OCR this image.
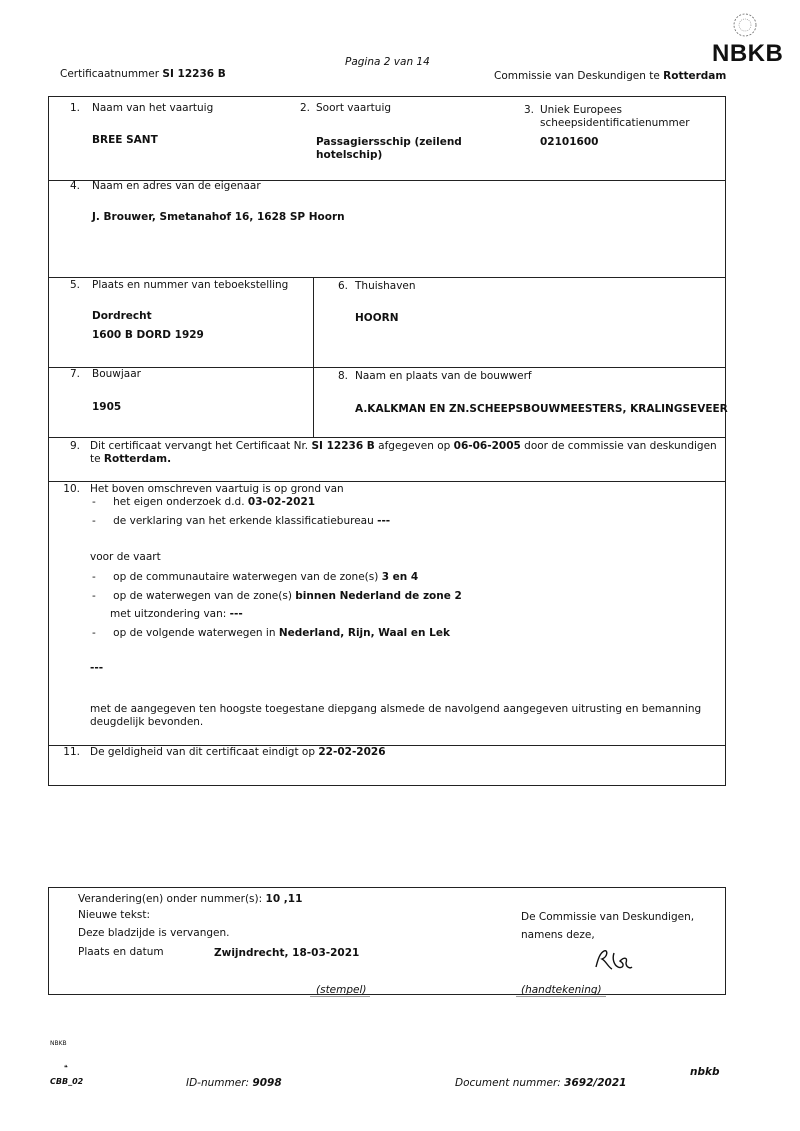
Pagina 2 van 14
Certificaatnummer SI 12236 B
NBKB
Commissie van Deskundigen te Rotterdam
1. Naam van het vaartuig
BREE SANT
2. Soort vaartuig
Passagiersschip (zeilend
hotelschip)
3. Uniek Europees
scheepsidentificatienummer
02101600
4. Naam en adres van de eigenaar
J. Brouwer, Smetanahof 16, 1628 SP Hoorn
5. Plaats en nummer van teboekstelling
Dordrecht
1600 B DORD 1929
6. Thuishaven
HOORN
7. Bouwjaar
1905
8. Naam en plaats van de bouwwerf
A.KALKMAN EN ZN.SCHEEPSBOUWMEESTERS, KRALINGSEVEER
9. Dit certificaat vervangt het Certificaat Nr. SI 12236 B afgegeven op 06-06-2005 door de commissie van deskundigen
te Rotterdam.
10. Het boven omschreven vaartuig is op grond van
- het eigen onderzoek d.d. 03-02-2021
- de verklaring van het erkende klassificatiebureau ---
voor de vaart
- op de communautaire waterwegen van de zone(s) 3 en 4
- op de waterwegen van de zone(s) binnen Nederland de zone 2
met uitzondering van: ---
- op de volgende waterwegen in Nederland, Rijn, Waal en Lek
---
met de aangegeven ten hoogste toegestane diepgang alsmede de navolgend aangegeven uitrusting en bemanning
deugdelijk bevonden.
11. De geldigheid van dit certificaat eindigt op 22-02-2026
Verandering(en) onder nummer(s): 10 ,11
Nieuwe tekst:
Deze bladzijde is vervangen.
Plaats en datum	Zwijndrecht, 18-03-2021
De Commissie van Deskundigen,
namens deze,
(stempel)	(handtekening)
NBKB
❝
CBB_02	ID-nummer: 9098	Document nummer: 3692/2021
nbkb
